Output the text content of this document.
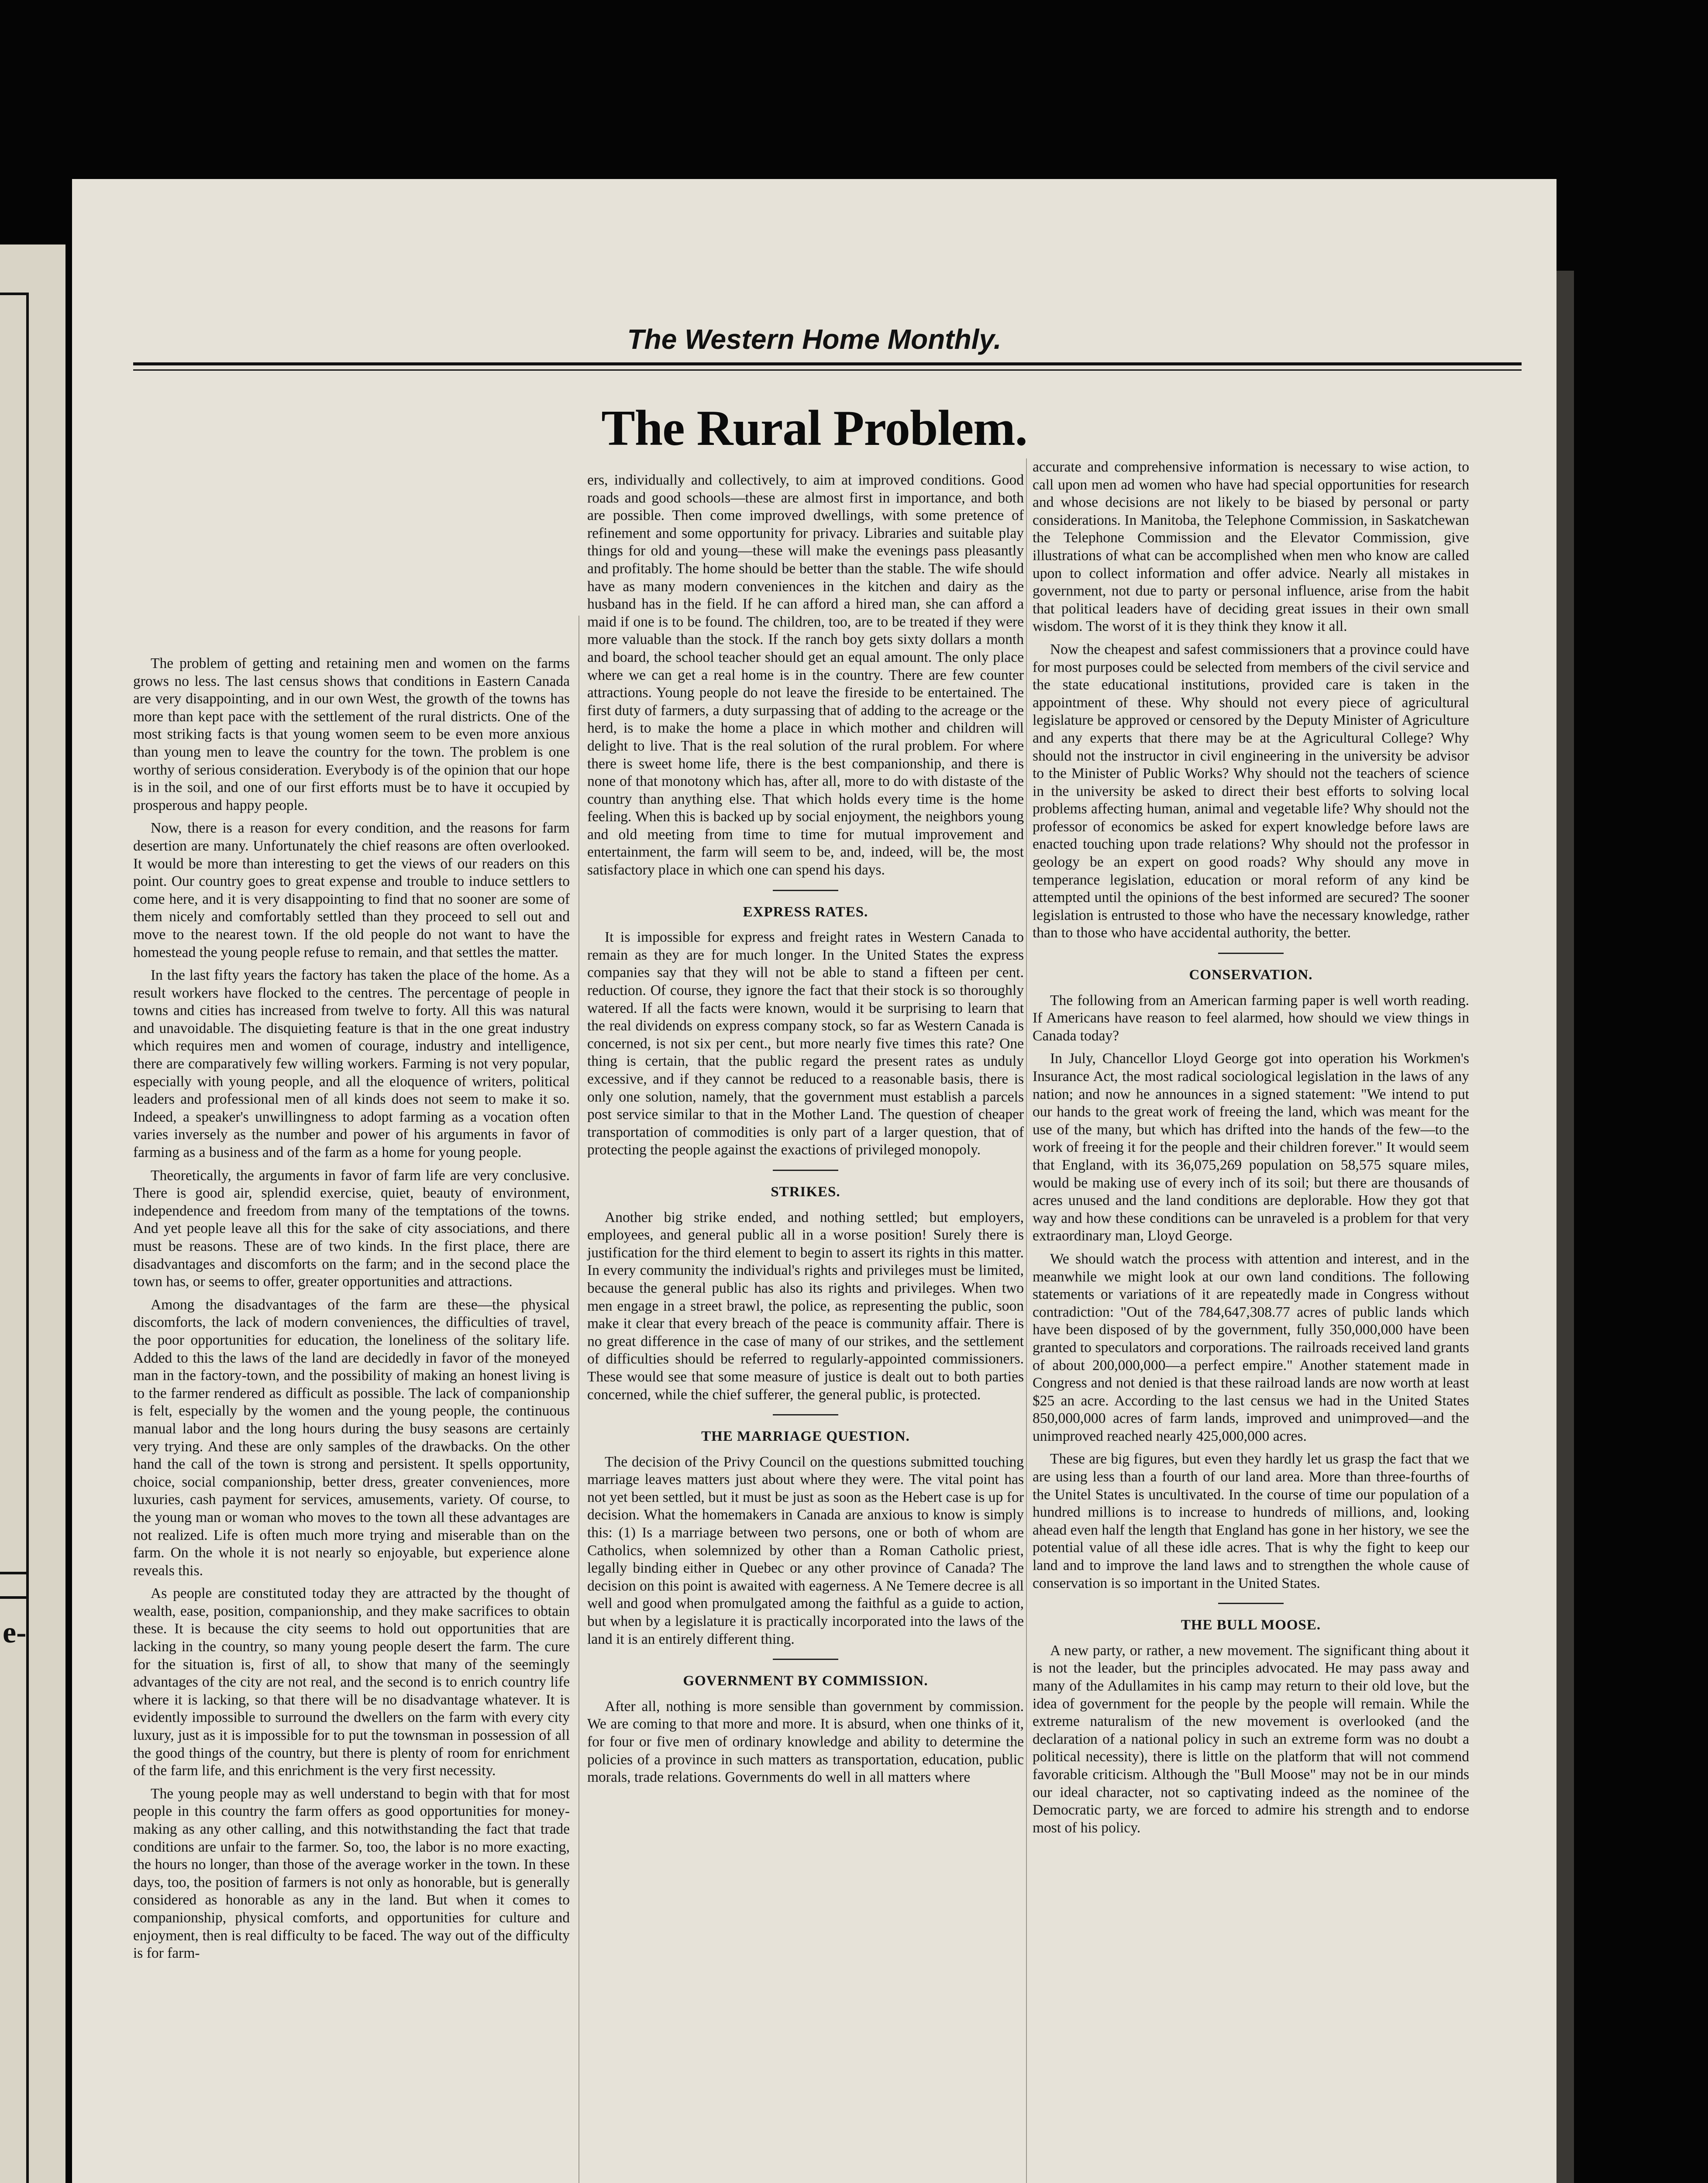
e-
The Western Home Monthly.
The Rural Problem.

The problem of getting and retaining men and women on the farms grows no less. The last census shows that conditions in Eastern Canada are very disappointing, and in our own West, the growth of the towns has more than kept pace with the settlement of the rural districts. One of the most striking facts is that young women seem to be even more anxious than young men to leave the country for the town. The problem is one worthy of serious consideration. Everybody is of the opinion that our hope is in the soil, and one of our first efforts must be to have it occupied by prosperous and happy people.

Now, there is a reason for every condition, and the reasons for farm desertion are many. Unfortunately the chief reasons are often overlooked. It would be more than interesting to get the views of our readers on this point. Our country goes to great expense and trouble to induce settlers to come here, and it is very disappointing to find that no sooner are some of them nicely and comfortably settled than they proceed to sell out and move to the nearest town. If the old people do not want to have the homestead the young people refuse to remain, and that settles the matter.

In the last fifty years the factory has taken the place of the home. As a result workers have flocked to the centres. The percentage of people in towns and cities has increased from twelve to forty. All this was natural and unavoidable. The disquieting feature is that in the one great industry which requires men and women of courage, industry and intelligence, there are comparatively few willing workers. Farming is not very popular, especially with young people, and all the eloquence of writers, political leaders and professional men of all kinds does not seem to make it so. Indeed, a speaker's unwillingness to adopt farming as a vocation often varies inversely as the number and power of his arguments in favor of farming as a business and of the farm as a home for young people.

Theoretically, the arguments in favor of farm life are very conclusive. There is good air, splendid exercise, quiet, beauty of environment, independence and freedom from many of the temptations of the towns. And yet people leave all this for the sake of city associations, and there must be reasons. These are of two kinds. In the first place, there are disadvantages and discomforts on the farm; and in the second place the town has, or seems to offer, greater opportunities and attractions.

Among the disadvantages of the farm are these—the physical discomforts, the lack of modern conveniences, the difficulties of travel, the poor opportunities for education, the loneliness of the solitary life. Added to this the laws of the land are decidedly in favor of the moneyed man in the factory-town, and the possibility of making an honest living is to the farmer rendered as difficult as possible. The lack of companionship is felt, especially by the women and the young people, the continuous manual labor and the long hours during the busy seasons are certainly very trying. And these are only samples of the drawbacks. On the other hand the call of the town is strong and persistent. It spells opportunity, choice, social companionship, better dress, greater conveniences, more luxuries, cash payment for services, amusements, variety. Of course, to the young man or woman who moves to the town all these advantages are not realized. Life is often much more trying and miserable than on the farm. On the whole it is not nearly so enjoyable, but experience alone reveals this.

As people are constituted today they are attracted by the thought of wealth, ease, position, companionship, and they make sacrifices to obtain these. It is because the city seems to hold out opportunities that are lacking in the country, so many young people desert the farm. The cure for the situation is, first of all, to show that many of the seemingly advantages of the city are not real, and the second is to enrich country life where it is lacking, so that there will be no disadvantage whatever. It is evidently impossible to surround the dwellers on the farm with every city luxury, just as it is impossible for to put the townsman in possession of all the good things of the country, but there is plenty of room for enrichment of the farm life, and this enrichment is the very first necessity.

The young people may as well understand to begin with that for most people in this country the farm offers as good opportunities for money-making as any other calling, and this notwithstanding the fact that trade conditions are unfair to the farmer. So, too, the labor is no more exacting, the hours no longer, than those of the average worker in the town. In these days, too, the position of farmers is not only as honorable, but is generally considered as honorable as any in the land. But when it comes to companionship, physical comforts, and opportunities for culture and enjoyment, then is real difficulty to be faced. The way out of the difficulty is for farm-

ers, individually and collectively, to aim at improved conditions. Good roads and good schools—these are almost first in importance, and both are possible. Then come improved dwellings, with some pretence of refinement and some opportunity for privacy. Libraries and suitable play things for old and young—these will make the evenings pass pleasantly and profitably. The home should be better than the stable. The wife should have as many modern conveniences in the kitchen and dairy as the husband has in the field. If he can afford a hired man, she can afford a maid if one is to be found. The children, too, are to be treated if they were more valuable than the stock. If the ranch boy gets sixty dollars a month and board, the school teacher should get an equal amount. The only place where we can get a real home is in the country. There are few counter attractions. Young people do not leave the fireside to be entertained. The first duty of farmers, a duty surpassing that of adding to the acreage or the herd, is to make the home a place in which mother and children will delight to live. That is the real solution of the rural problem. For where there is sweet home life, there is the best companionship, and there is none of that monotony which has, after all, more to do with distaste of the country than anything else. That which holds every time is the home feeling. When this is backed up by social enjoyment, the neighbors young and old meeting from time to time for mutual improvement and entertainment, the farm will seem to be, and, indeed, will be, the most satisfactory place in which one can spend his days.

EXPRESS RATES.

It is impossible for express and freight rates in Western Canada to remain as they are for much longer. In the United States the express companies say that they will not be able to stand a fifteen per cent. reduction. Of course, they ignore the fact that their stock is so thoroughly watered. If all the facts were known, would it be surprising to learn that the real dividends on express company stock, so far as Western Canada is concerned, is not six per cent., but more nearly five times this rate? One thing is certain, that the public regard the present rates as unduly excessive, and if they cannot be reduced to a reasonable basis, there is only one solution, namely, that the government must establish a parcels post service similar to that in the Mother Land. The question of cheaper transportation of commodities is only part of a larger question, that of protecting the people against the exactions of privileged monopoly.

STRIKES.

Another big strike ended, and nothing settled; but employers, employees, and general public all in a worse position! Surely there is justification for the third element to begin to assert its rights in this matter. In every community the individual's rights and privileges must be limited, because the general public has also its rights and privileges. When two men engage in a street brawl, the police, as representing the public, soon make it clear that every breach of the peace is community affair. There is no great difference in the case of many of our strikes, and the settlement of difficulties should be referred to regularly-appointed commissioners. These would see that some measure of justice is dealt out to both parties concerned, while the chief sufferer, the general public, is protected.

THE MARRIAGE QUESTION.

The decision of the Privy Council on the questions submitted touching marriage leaves matters just about where they were. The vital point has not yet been settled, but it must be just as soon as the Hebert case is up for decision. What the homemakers in Canada are anxious to know is simply this: (1) Is a marriage between two persons, one or both of whom are Catholics, when solemnized by other than a Roman Catholic priest, legally binding either in Quebec or any other province of Canada? The decision on this point is awaited with eagerness. A Ne Temere decree is all well and good when promulgated among the faithful as a guide to action, but when by a legislature it is practically incorporated into the laws of the land it is an entirely different thing.

GOVERNMENT BY COMMISSION.

After all, nothing is more sensible than government by commission. We are coming to that more and more. It is absurd, when one thinks of it, for four or five men of ordinary knowledge and ability to determine the policies of a province in such matters as transportation, education, public morals, trade relations. Governments do well in all matters where

accurate and comprehensive information is necessary to wise action, to call upon men ad women who have had special opportunities for research and whose decisions are not likely to be biased by personal or party considerations. In Manitoba, the Telephone Commission, in Saskatchewan the Telephone Commission and the Elevator Commission, give illustrations of what can be accomplished when men who know are called upon to collect information and offer advice. Nearly all mistakes in government, not due to party or personal influence, arise from the habit that political leaders have of deciding great issues in their own small wisdom. The worst of it is they think they know it all.

Now the cheapest and safest commissioners that a province could have for most purposes could be selected from members of the civil service and the state educational institutions, provided care is taken in the appointment of these. Why should not every piece of agricultural legislature be approved or censored by the Deputy Minister of Agriculture and any experts that there may be at the Agricultural College? Why should not the instructor in civil engineering in the university be advisor to the Minister of Public Works? Why should not the teachers of science in the university be asked to direct their best efforts to solving local problems affecting human, animal and vegetable life? Why should not the professor of economics be asked for expert knowledge before laws are enacted touching upon trade relations? Why should not the professor in geology be an expert on good roads? Why should any move in temperance legislation, education or moral reform of any kind be attempted until the opinions of the best informed are secured? The sooner legislation is entrusted to those who have the necessary knowledge, rather than to those who have accidental authority, the better.

CONSERVATION.

The following from an American farming paper is well worth reading. If Americans have reason to feel alarmed, how should we view things in Canada today?

In July, Chancellor Lloyd George got into operation his Workmen's Insurance Act, the most radical sociological legislation in the laws of any nation; and now he announces in a signed statement: "We intend to put our hands to the great work of freeing the land, which was meant for the use of the many, but which has drifted into the hands of the few—to the work of freeing it for the people and their children forever." It would seem that England, with its 36,075,269 population on 58,575 square miles, would be making use of every inch of its soil; but there are thousands of acres unused and the land conditions are deplorable. How they got that way and how these conditions can be unraveled is a problem for that very extraordinary man, Lloyd George.

We should watch the process with attention and interest, and in the meanwhile we might look at our own land conditions. The following statements or variations of it are repeatedly made in Congress without contradiction: "Out of the 784,647,308.77 acres of public lands which have been disposed of by the government, fully 350,000,000 have been granted to speculators and corporations. The railroads received land grants of about 200,000,000—a perfect empire." Another statement made in Congress and not denied is that these railroad lands are now worth at least $25 an acre. According to the last census we had in the United States 850,000,000 acres of farm lands, improved and unimproved—and the unimproved reached nearly 425,000,000 acres.

These are big figures, but even they hardly let us grasp the fact that we are using less than a fourth of our land area. More than three-fourths of the Unitel States is uncultivated. In the course of time our population of a hundred millions is to increase to hundreds of millions, and, looking ahead even half the length that England has gone in her history, we see the potential value of all these idle acres. That is why the fight to keep our land and to improve the land laws and to strengthen the whole cause of conservation is so important in the United States.

THE BULL MOOSE.

A new party, or rather, a new movement. The significant thing about it is not the leader, but the principles advocated. He may pass away and many of the Adullamites in his camp may return to their old love, but the idea of government for the people by the people will remain. While the extreme naturalism of the new movement is overlooked (and the declaration of a national policy in such an extreme form was no doubt a political necessity), there is little on the platform that will not commend favorable criticism. Although the "Bull Moose" may not be in our minds our ideal character, not so captivating indeed as the nominee of the Democratic party, we are forced to admire his strength and to endorse most of his policy.
